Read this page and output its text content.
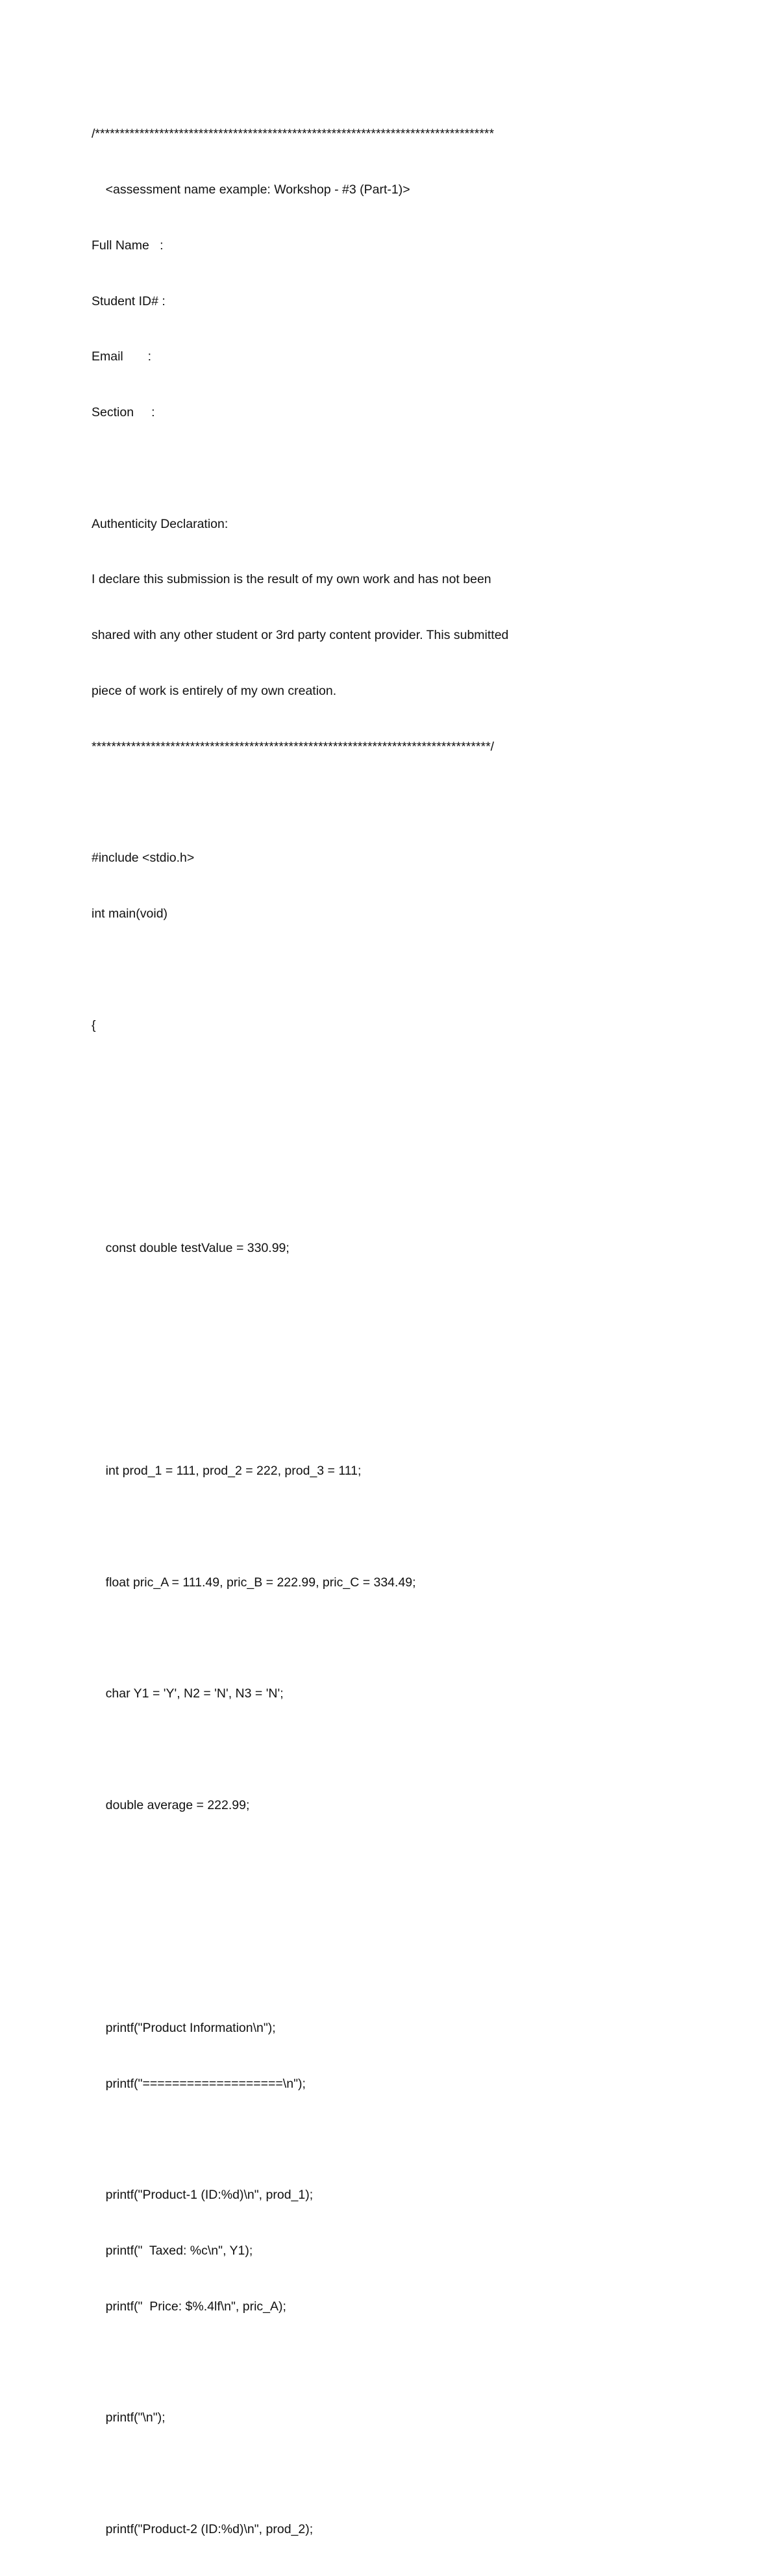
/*********************************************************************************

<assessment name example: Workshop - #3 (Part-1)>

Full Name   :

Student ID# :

Email       :

Section     :

Authenticity Declaration:

I declare this submission is the result of my own work and has not been

shared with any other student or 3rd party content provider. This submitted

piece of work is entirely of my own creation.

*********************************************************************************/

#include <stdio.h>

int main(void)

{

const double testValue = 330.99;

int prod_1 = 111, prod_2 = 222, prod_3 = 111;

float pric_A = 111.49, pric_B = 222.99, pric_C = 334.49;

char Y1 = 'Y', N2 = 'N', N3 = 'N';

double average = 222.99;

printf("Product Information\n");

printf("===================\n");

printf("Product-1 (ID:%d)\n", prod_1);

printf("  Taxed: %c\n", Y1);

printf("  Price: $%.4lf\n", pric_A);

printf("\n");

printf("Product-2 (ID:%d)\n", prod_2);
